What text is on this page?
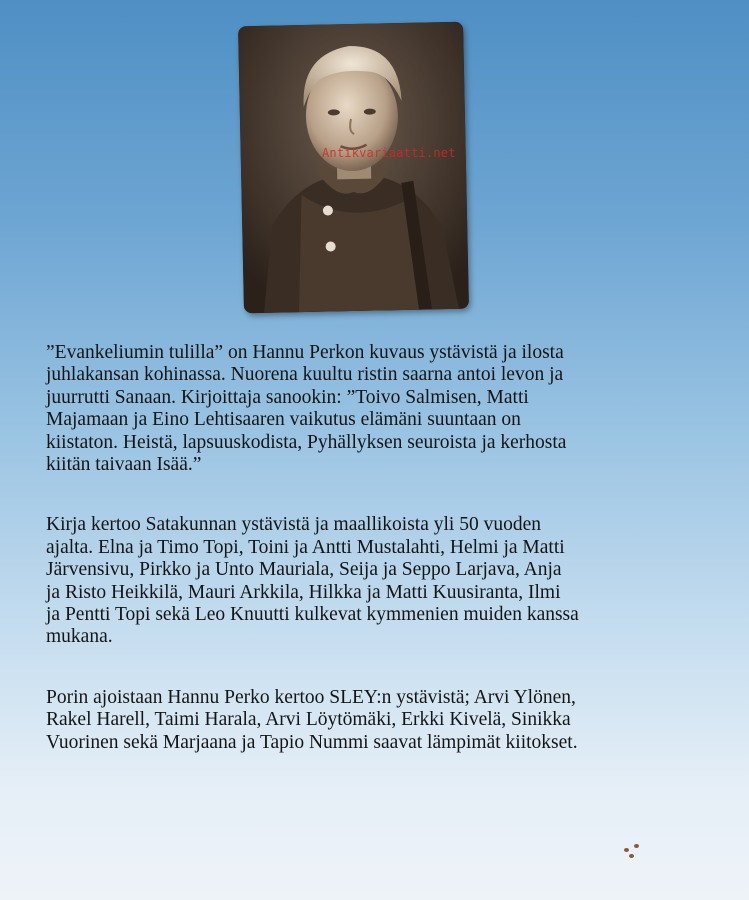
Antikvariaatti.net

”Evankeliumin tulilla” on Hannu Perkon kuvaus ystävistä ja ilosta
juhlakansan kohinassa. Nuorena kuultu ristin saarna antoi levon ja
juurrutti Sanaan. Kirjoittaja sanookin: ”Toivo Salmisen, Matti
Majamaan ja Eino Lehtisaaren vaikutus elämäni suuntaan on
kiistaton. Heistä, lapsuuskodista, Pyhällyksen seuroista ja kerhosta
kiitän taivaan Isää.”

Kirja kertoo Satakunnan ystävistä ja maallikoista yli 50 vuoden
ajalta. Elna ja Timo Topi, Toini ja Antti Mustalahti, Helmi ja Matti
Järvensivu, Pirkko ja Unto Mauriala, Seija ja Seppo Larjava, Anja
ja Risto Heikkilä, Mauri Arkkila, Hilkka ja Matti Kuusiranta, Ilmi
ja Pentti Topi sekä Leo Knuutti kulkevat kymmenien muiden kanssa
mukana.

Porin ajoistaan Hannu Perko kertoo SLEY:n ystävistä; Arvi Ylönen,
Rakel Harell, Taimi Harala, Arvi Löytömäki, Erkki Kivelä, Sinikka
Vuorinen sekä Marjaana ja Tapio Nummi saavat lämpimät kiitokset.
